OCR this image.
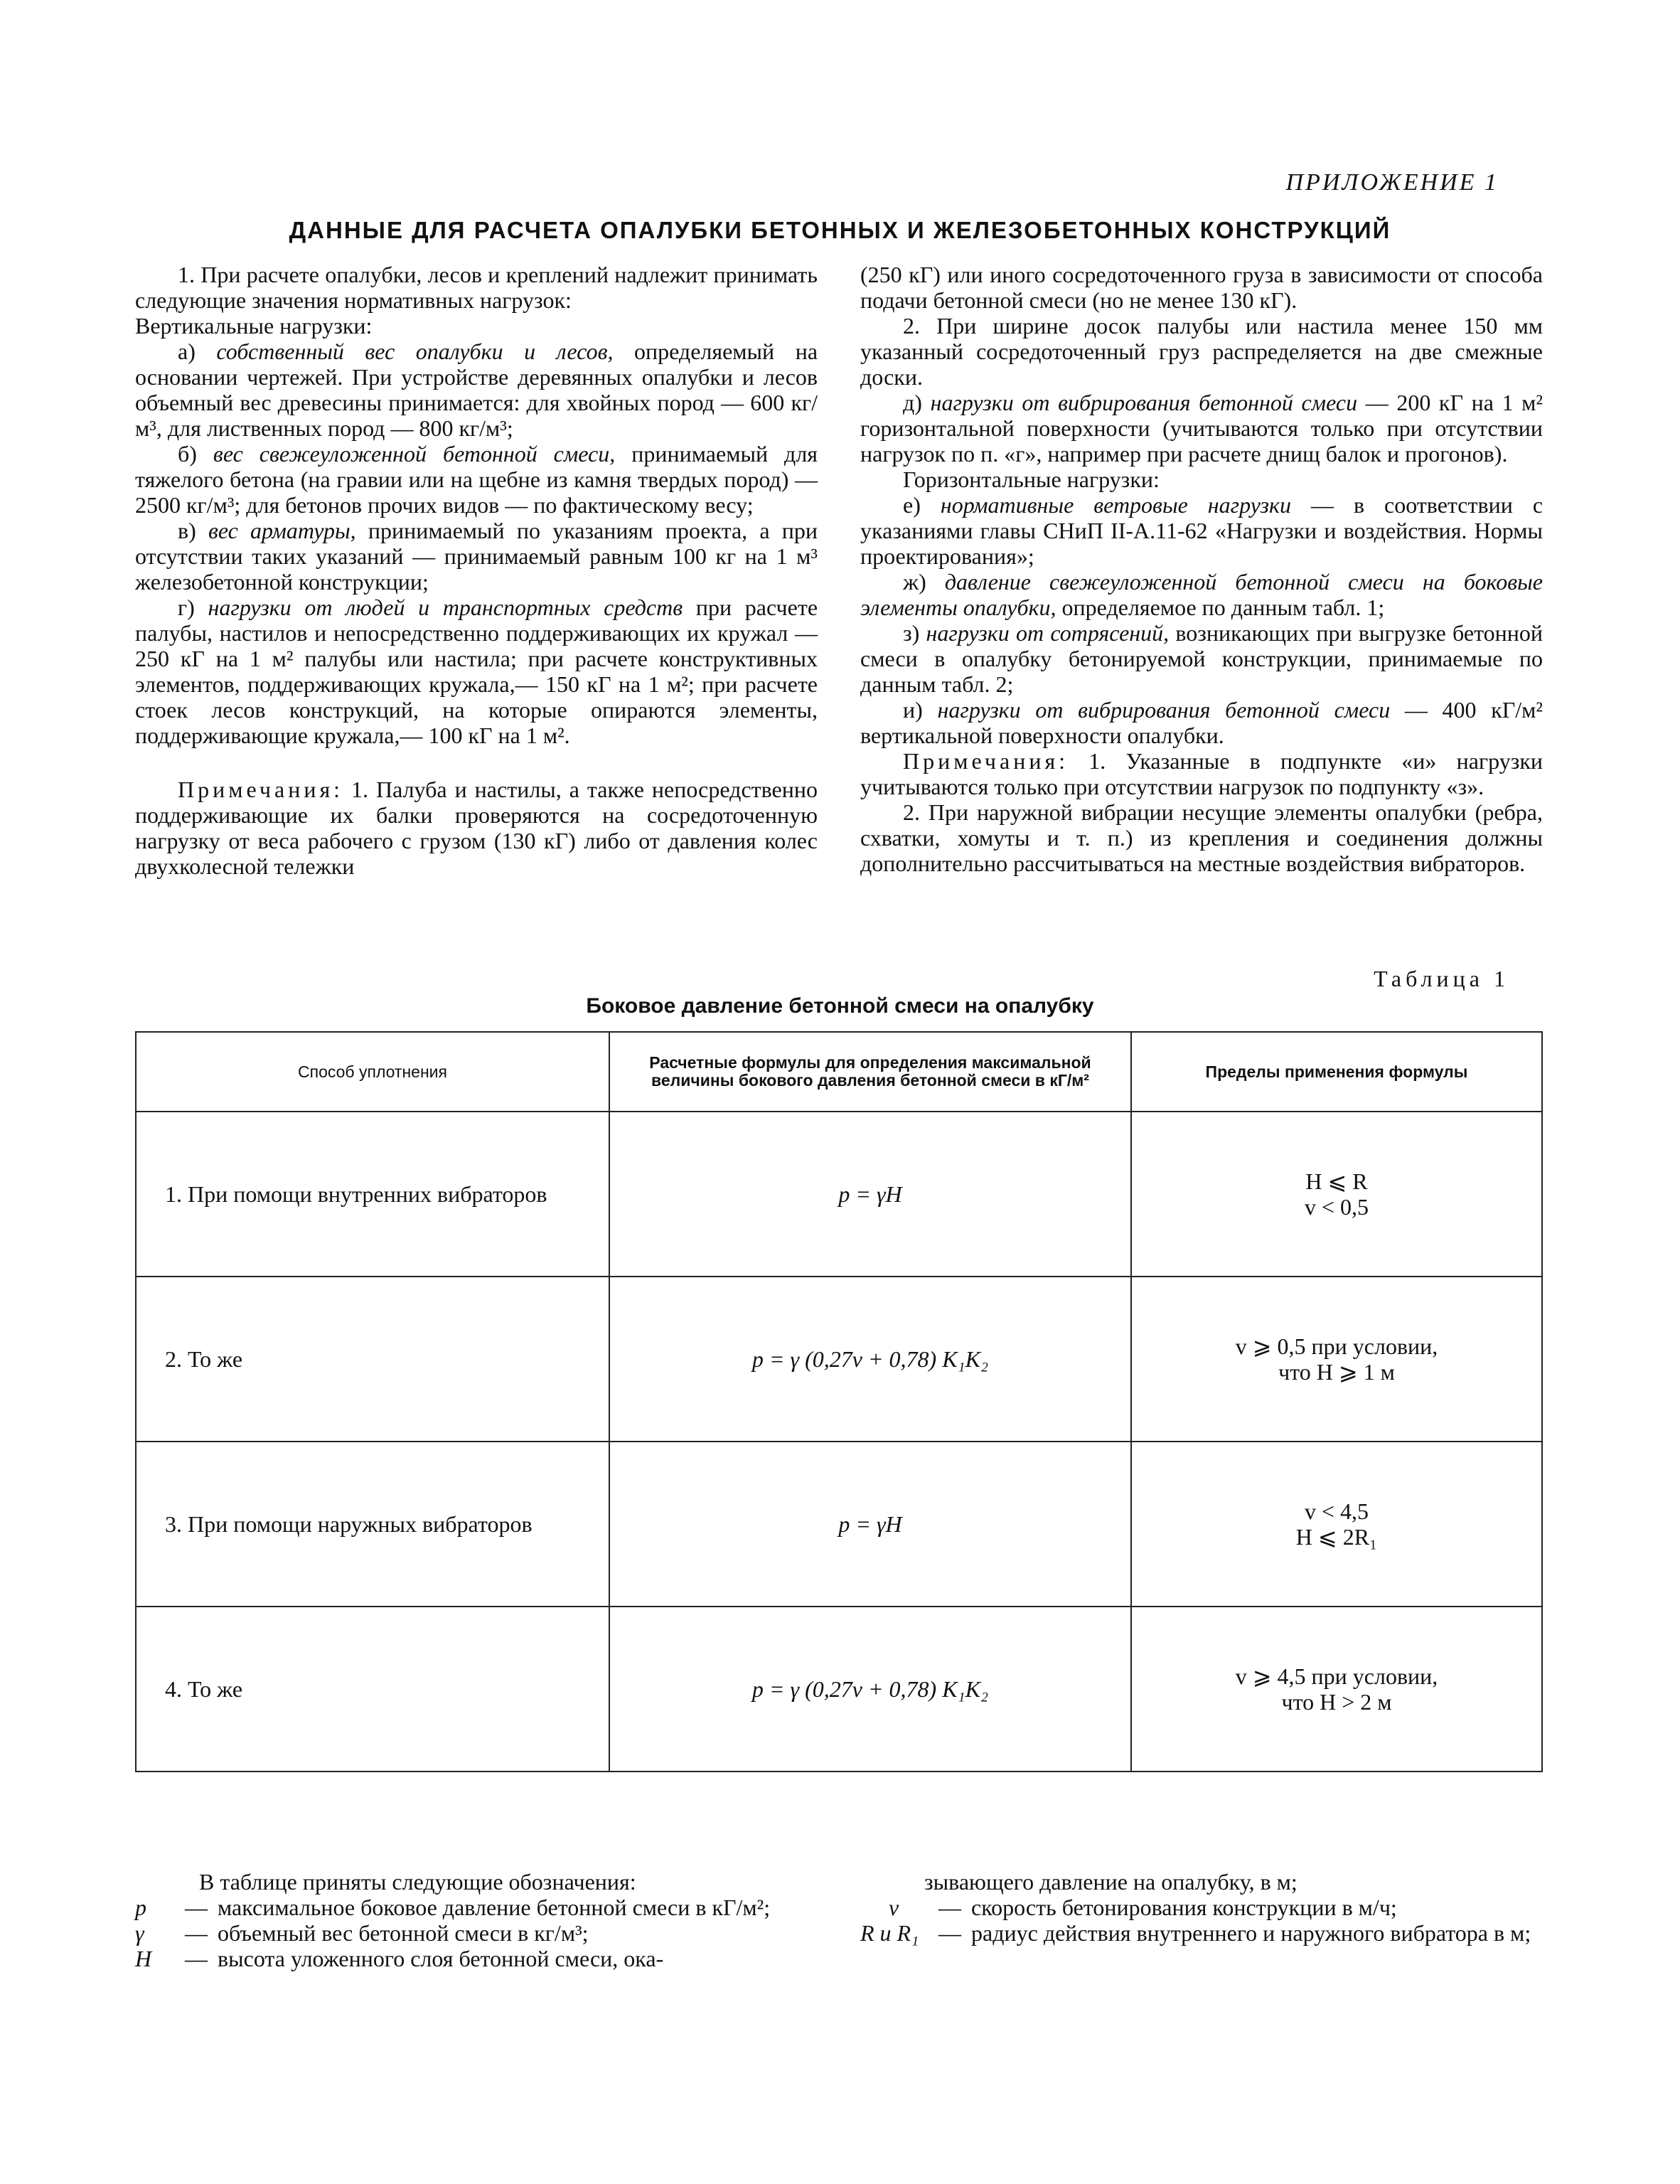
ПРИЛОЖЕНИЕ 1
ДАННЫЕ ДЛЯ РАСЧЕТА ОПАЛУБКИ БЕТОННЫХ И ЖЕЛЕЗОБЕТОННЫХ КОНСТРУКЦИЙ

1. При расчете опалубки, лесов и креплений надлежит принимать следующие значения нормативных нагрузок:

Вертикальные нагрузки:

а) собственный вес опалубки и лесов, определяемый на основании чертежей. При устройстве деревянных опалубки и лесов объемный вес древесины принимается: для хвойных пород — 600 кг/м³, для лиственных пород — 800 кг/м³;

б) вес свежеуложенной бетонной смеси, принимаемый для тяжелого бетона (на гравии или на щебне из камня твердых пород) — 2500 кг/м³; для бетонов прочих видов — по фактическому весу;

в) вес арматуры, принимаемый по указаниям проекта, а при отсутствии таких указаний — принимаемый равным 100 кг на 1 м³ железобетонной конструкции;

г) нагрузки от людей и транспортных средств при расчете палубы, настилов и непосредственно поддерживающих их кружал — 250 кГ на 1 м² палубы или настила; при расчете конструктивных элементов, поддерживающих кружала,— 150 кГ на 1 м²; при расчете стоек лесов конструкций, на которые опираются элементы, поддерживающие кружала,— 100 кГ на 1 м².

Примечания: 1. Палуба и настилы, а также непосредственно поддерживающие их балки проверяются на сосредоточенную нагрузку от веса рабочего с грузом (130 кГ) либо от давления колес двухколесной тележки

(250 кГ) или иного сосредоточенного груза в зависимости от способа подачи бетонной смеси (но не менее 130 кГ).

2. При ширине досок палубы или настила менее 150 мм указанный сосредоточенный груз распределяется на две смежные доски.

д) нагрузки от вибрирования бетонной смеси — 200 кГ на 1 м² горизонтальной поверхности (учитываются только при отсутствии нагрузок по п. «г», например при расчете днищ балок и прогонов).

Горизонтальные нагрузки:

е) нормативные ветровые нагрузки — в соответствии с указаниями главы СНиП II-А.11-62 «Нагрузки и воздействия. Нормы проектирования»;

ж) давление свежеуложенной бетонной смеси на боковые элементы опалубки, определяемое по данным табл. 1;

з) нагрузки от сотрясений, возникающих при выгрузке бетонной смеси в опалубку бетонируемой конструкции, принимаемые по данным табл. 2;

и) нагрузки от вибрирования бетонной смеси — 400 кГ/м² вертикальной поверхности опалубки.

Примечания: 1. Указанные в подпункте «и» нагрузки учитываются только при отсутствии нагрузок по подпункту «з».

2. При наружной вибрации несущие элементы опалубки (ребра, схватки, хомуты и т. п.) из крепления и соединения должны дополнительно рассчитываться на местные воздействия вибраторов.

Таблица 1
Боковое давление бетонной смеси на опалубку
Способ уплотнения	Расчетные формулы для определения максимальной величины бокового давления бетонной смеси в кГ/м²	Пределы применения формулы

1. При помощи внутренних вибраторов	p = γH	H ⩽ R
v < 0,5

2. То же	p = γ (0,27v + 0,78) K₁K₂	v ⩾ 0,5 при условии,
что H ⩾ 1 м

3. При помощи наружных вибраторов	p = γH	v < 4,5
H ⩽ 2R₁

4. То же	p = γ (0,27v + 0,78) K₁K₂	v ⩾ 4,5 при условии,
что H > 2 м

В таблице приняты следующие обозначения:

p	— максимальное боковое давление бетонной смеси в кГ/м²;
γ	— объемный вес бетонной смеси в кг/м³;
H	— высота уложенного слоя бетонной смеси, ока-

зывающего давление на опалубку, в м;

v	— скорость бетонирования конструкции в м/ч;
R и R₁ — радиус действия внутреннего и наружного вибратора в м;
